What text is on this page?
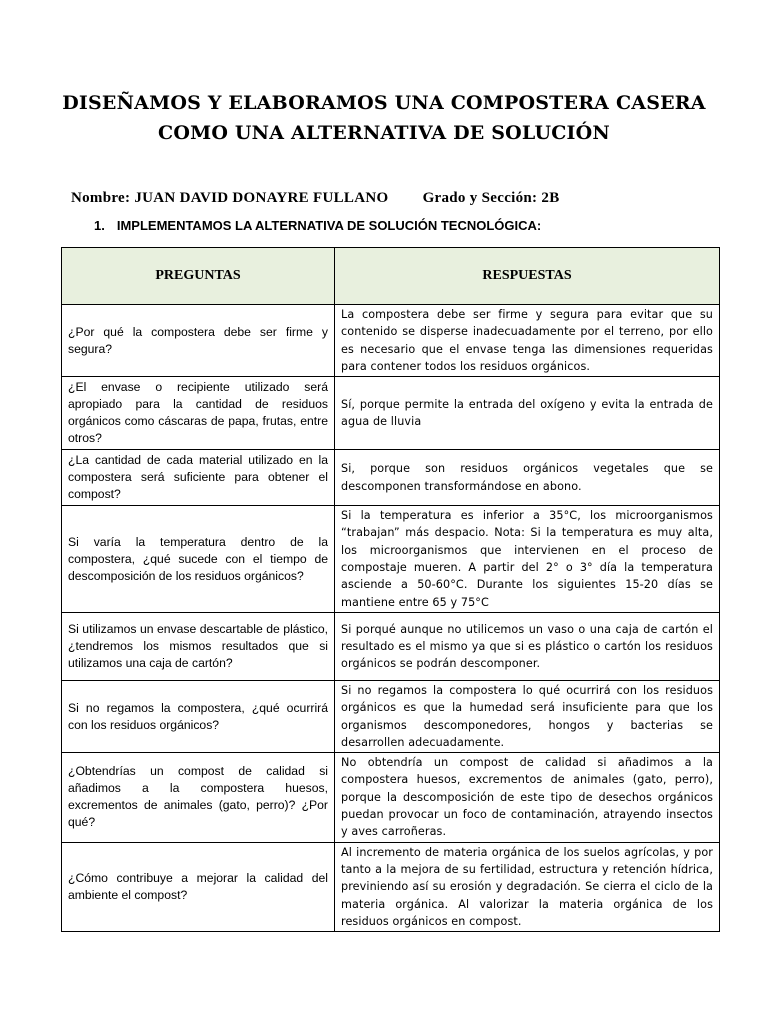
DISEÑAMOS Y ELABORAMOS UNA COMPOSTERA CASERA
COMO UNA ALTERNATIVA DE SOLUCIÓN
Nombre: JUAN DAVID DONAYRE FULLANO Grado y Sección: 2B
1. IMPLEMENTAMOS LA ALTERNATIVA DE SOLUCIÓN TECNOLÓGICA:
PREGUNTAS	RESPUESTAS
¿Por qué la compostera debe ser firme y segura?	La compostera debe ser firme y segura para evitar que su contenido se disperse inadecuadamente por el terreno, por ello es necesario que el envase tenga las dimensiones requeridas para contener todos los residuos orgánicos.
¿El envase o recipiente utilizado será apropiado para la cantidad de residuos orgánicos como cáscaras de papa, frutas, entre otros?	Sí, porque permite la entrada del oxígeno y evita la entrada de agua de lluvia
¿La cantidad de cada material utilizado en la compostera será suficiente para obtener el compost?	Si, porque son residuos orgánicos vegetales que se descomponen transformándose en abono.
Si varía la temperatura dentro de la compostera, ¿qué sucede con el tiempo de descomposición de los residuos orgánicos?	Si la temperatura es inferior a 35°C, los microorganismos “trabajan” más despacio. Nota: Si la temperatura es muy alta, los microorganismos que intervienen en el proceso de compostaje mueren. A partir del 2° o 3° día la temperatura asciende a 50-60°C. Durante los siguientes 15-20 días se mantiene entre 65 y 75°C
Si utilizamos un envase descartable de plástico, ¿tendremos los mismos resultados que si utilizamos una caja de cartón?	Si porqué aunque no utilicemos un vaso o una caja de cartón el resultado es el mismo ya que si es plástico o cartón los residuos orgánicos se podrán descomponer.
Si no regamos la compostera, ¿qué ocurrirá con los residuos orgánicos?	Si no regamos la compostera lo qué ocurrirá con los residuos orgánicos es que la humedad será insuficiente para que los organismos descomponedores, hongos y bacterias se desarrollen adecuadamente.
¿Obtendrías un compost de calidad si añadimos a la compostera huesos, excrementos de animales (gato, perro)? ¿Por qué?	No obtendría un compost de calidad si añadimos a la compostera huesos, excrementos de animales (gato, perro), porque la descomposición de este tipo de desechos orgánicos puedan provocar un foco de contaminación, atrayendo insectos y aves carroñeras.
¿Cómo contribuye a mejorar la calidad del ambiente el compost?	Al incremento de materia orgánica de los suelos agrícolas, y por tanto a la mejora de su fertilidad, estructura y retención hídrica, previniendo así su erosión y degradación. Se cierra el ciclo de la materia orgánica. Al valorizar la materia orgánica de los residuos orgánicos en compost.
